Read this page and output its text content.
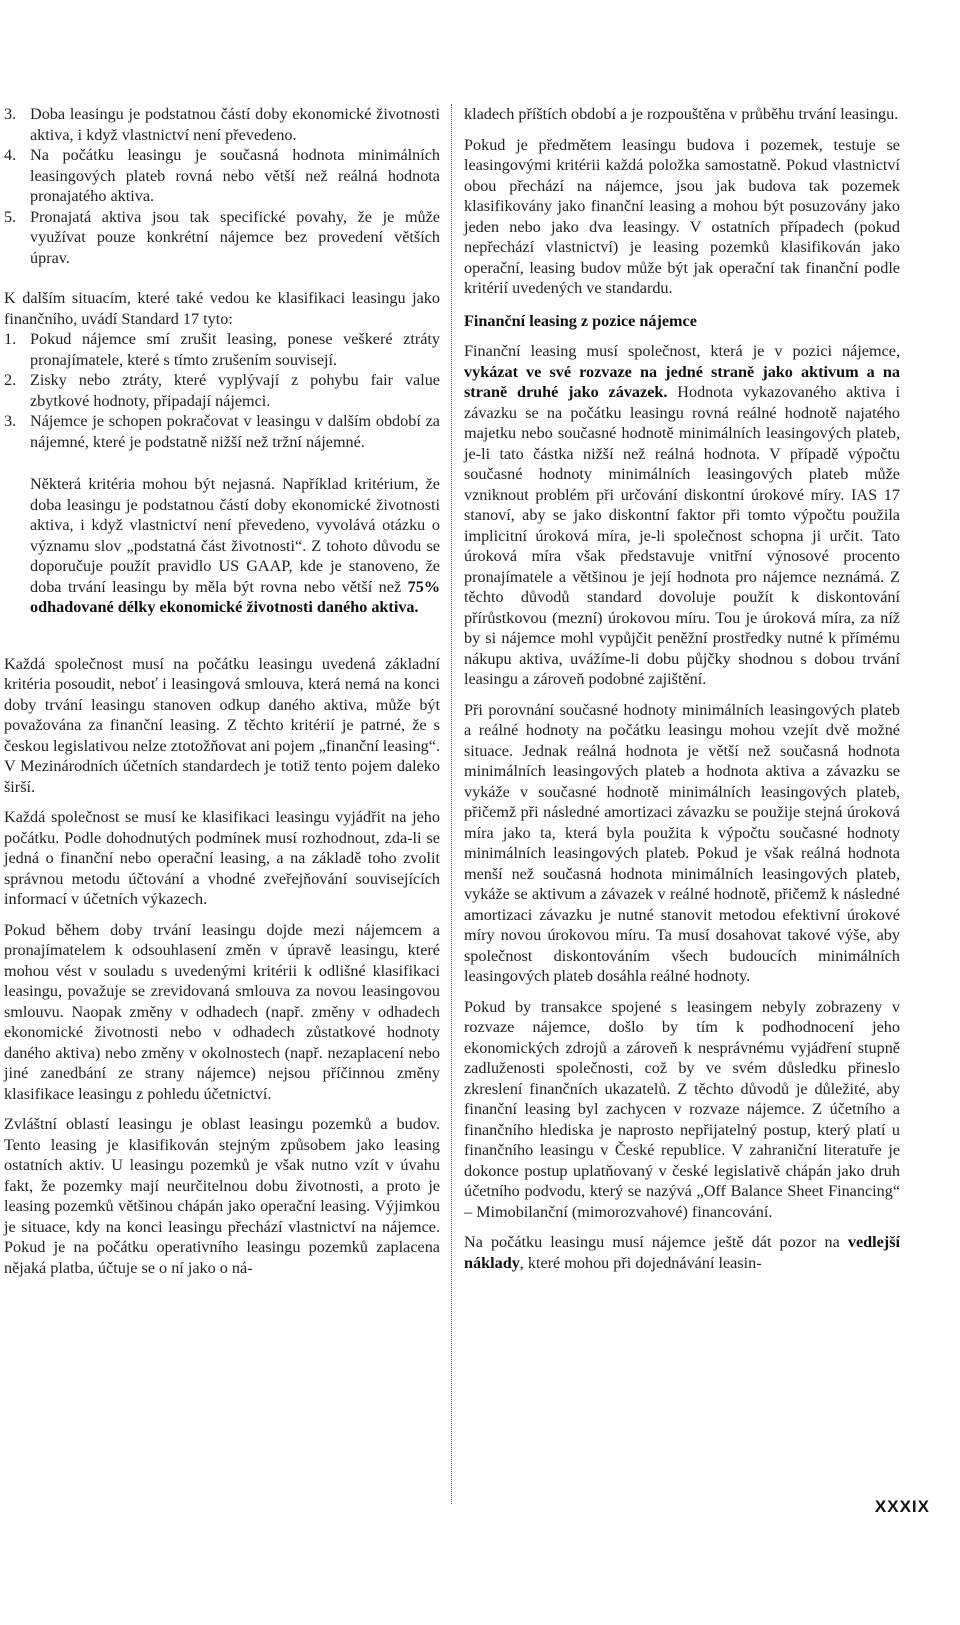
3. Doba leasingu je podstatnou částí doby ekonomické životnosti aktiva, i když vlastnictví není převedeno.

4. Na počátku leasingu je současná hodnota minimálních leasingových plateb rovná nebo větší než reálná hodnota pronajatého aktiva.

5. Pronajatá aktiva jsou tak specifické povahy, že je může využívat pouze konkrétní nájemce bez provedení větších úprav.

K dalším situacím, které také vedou ke klasifikaci leasingu jako finančního, uvádí Standard 17 tyto:

1. Pokud nájemce smí zrušit leasing, ponese veškeré ztráty pronajímatele, které s tímto zrušením souvisejí.

2. Zisky nebo ztráty, které vyplývají z pohybu fair value zbytkové hodnoty, připadají nájemci.

3. Nájemce je schopen pokračovat v leasingu v dalším období za nájemné, které je podstatně nižší než tržní nájemné.

Některá kritéria mohou být nejasná. Například kritérium, že doba leasingu je podstatnou částí doby ekonomické životnosti aktiva, i když vlastnictví není převedeno, vyvolává otázku o významu slov „podstatná část životnosti“. Z tohoto důvodu se doporučuje použít pravidlo US GAAP, kde je stanoveno, že doba trvání leasingu by měla být rovna nebo větší než 75% odhadované délky ekonomické životnosti daného aktiva.

Každá společnost musí na počátku leasingu uvedená základní kritéria posoudit, neboť i leasingová smlouva, která nemá na konci doby trvání leasingu stanoven odkup daného aktiva, může být považována za finanční leasing. Z těchto kritérií je patrné, že s českou legislativou nelze ztotožňovat ani pojem „finanční leasing“. V Mezinárodních účetních standardech je totiž tento pojem daleko širší.

Každá společnost se musí ke klasifikaci leasingu vyjádřit na jeho počátku. Podle dohodnutých podmínek musí rozhodnout, zda-li se jedná o finanční nebo operační leasing, a na základě toho zvolit správnou metodu účtování a vhodné zveřejňování souvisejících informací v účetních výkazech.

Pokud během doby trvání leasingu dojde mezi nájemcem a pronajímatelem k odsouhlasení změn v úpravě leasingu, které mohou vést v souladu s uvedenými kritérii k odlišné klasifikaci leasingu, považuje se zrevidovaná smlouva za novou leasingovou smlouvu. Naopak změny v odhadech (např. změny v odhadech ekonomické životnosti nebo v odhadech zůstatkové hodnoty daného aktiva) nebo změny v okolnostech (např. nezaplacení nebo jiné zanedbání ze strany nájemce) nejsou příčinnou změny klasifikace leasingu z pohledu účetnictví.

Zvláštní oblastí leasingu je oblast leasingu pozemků a budov. Tento leasing je klasifikován stejným způsobem jako leasing ostatních aktiv. U leasingu pozemků je však nutno vzít v úvahu fakt, že pozemky mají neurčitelnou dobu životnosti, a proto je leasing pozemků většinou chápán jako operační leasing. Výjimkou je situace, kdy na konci leasingu přechází vlastnictví na nájemce. Pokud je na počátku operativního leasingu pozemků zaplacena nějaká platba, účtuje se o ní jako o ná-

kladech příštích období a je rozpouštěna v průběhu trvání leasingu.

Pokud je předmětem leasingu budova i pozemek, testuje se leasingovými kritérii každá položka samostatně. Pokud vlastnictví obou přechází na nájemce, jsou jak budova tak pozemek klasifikovány jako finanční leasing a mohou být posuzovány jako jeden nebo jako dva leasingy. V ostatních případech (pokud nepřechází vlastnictví) je leasing pozemků klasifikován jako operační, leasing budov může být jak operační tak finanční podle kritérií uvedených ve standardu.

Finanční leasing z pozice nájemce

Finanční leasing musí společnost, která je v pozici nájemce, vykázat ve své rozvaze na jedné straně jako aktivum a na straně druhé jako závazek. Hodnota vykazovaného aktiva i závazku se na počátku leasingu rovná reálné hodnotě najatého majetku nebo současné hodnotě minimálních leasingových plateb, je-li tato částka nižší než reálná hodnota. V případě výpočtu současné hodnoty minimálních leasingových plateb může vzniknout problém při určování diskontní úrokové míry. IAS 17 stanoví, aby se jako diskontní faktor při tomto výpočtu použila implicitní úroková míra, je-li společnost schopna ji určit. Tato úroková míra však představuje vnitřní výnosové procento pronajímatele a většinou je její hodnota pro nájemce neznámá. Z těchto důvodů standard dovoluje použít k diskontování přírůstkovou (mezní) úrokovou míru. Tou je úroková míra, za níž by si nájemce mohl vypůjčit peněžní prostředky nutné k přímému nákupu aktiva, uvážíme-li dobu půjčky shodnou s dobou trvání leasingu a zároveň podobné zajištění.

Při porovnání současné hodnoty minimálních leasingových plateb a reálné hodnoty na počátku leasingu mohou vzejít dvě možné situace. Jednak reálná hodnota je větší než současná hodnota minimálních leasingových plateb a hodnota aktiva a závazku se vykáže v současné hodnotě minimálních leasingových plateb, přičemž při následné amortizaci závazku se použije stejná úroková míra jako ta, která byla použita k výpočtu současné hodnoty minimálních leasingových plateb. Pokud je však reálná hodnota menší než současná hodnota minimálních leasingových plateb, vykáže se aktivum a závazek v reálné hodnotě, přičemž k následné amortizaci závazku je nutné stanovit metodou efektivní úrokové míry novou úrokovou míru. Ta musí dosahovat takové výše, aby společnost diskontováním všech budoucích minimálních leasingových plateb dosáhla reálné hodnoty.

Pokud by transakce spojené s leasingem nebyly zobrazeny v rozvaze nájemce, došlo by tím k podhodnocení jeho ekonomických zdrojů a zároveň k nesprávnému vyjádření stupně zadluženosti společnosti, což by ve svém důsledku přineslo zkreslení finančních ukazatelů. Z těchto důvodů je důležité, aby finanční leasing byl zachycen v rozvaze nájemce. Z účetního a finančního hlediska je naprosto nepřijatelný postup, který platí u finančního leasingu v České republice. V zahraniční literatuře je dokonce postup uplatňovaný v české legislativě chápán jako druh účetního podvodu, který se nazývá „Off Balance Sheet Financing“ – Mimobilanční (mimorozvahové) financování.

Na počátku leasingu musí nájemce ještě dát pozor na vedlejší náklady, které mohou při dojednávání leasin-

XXXIX
